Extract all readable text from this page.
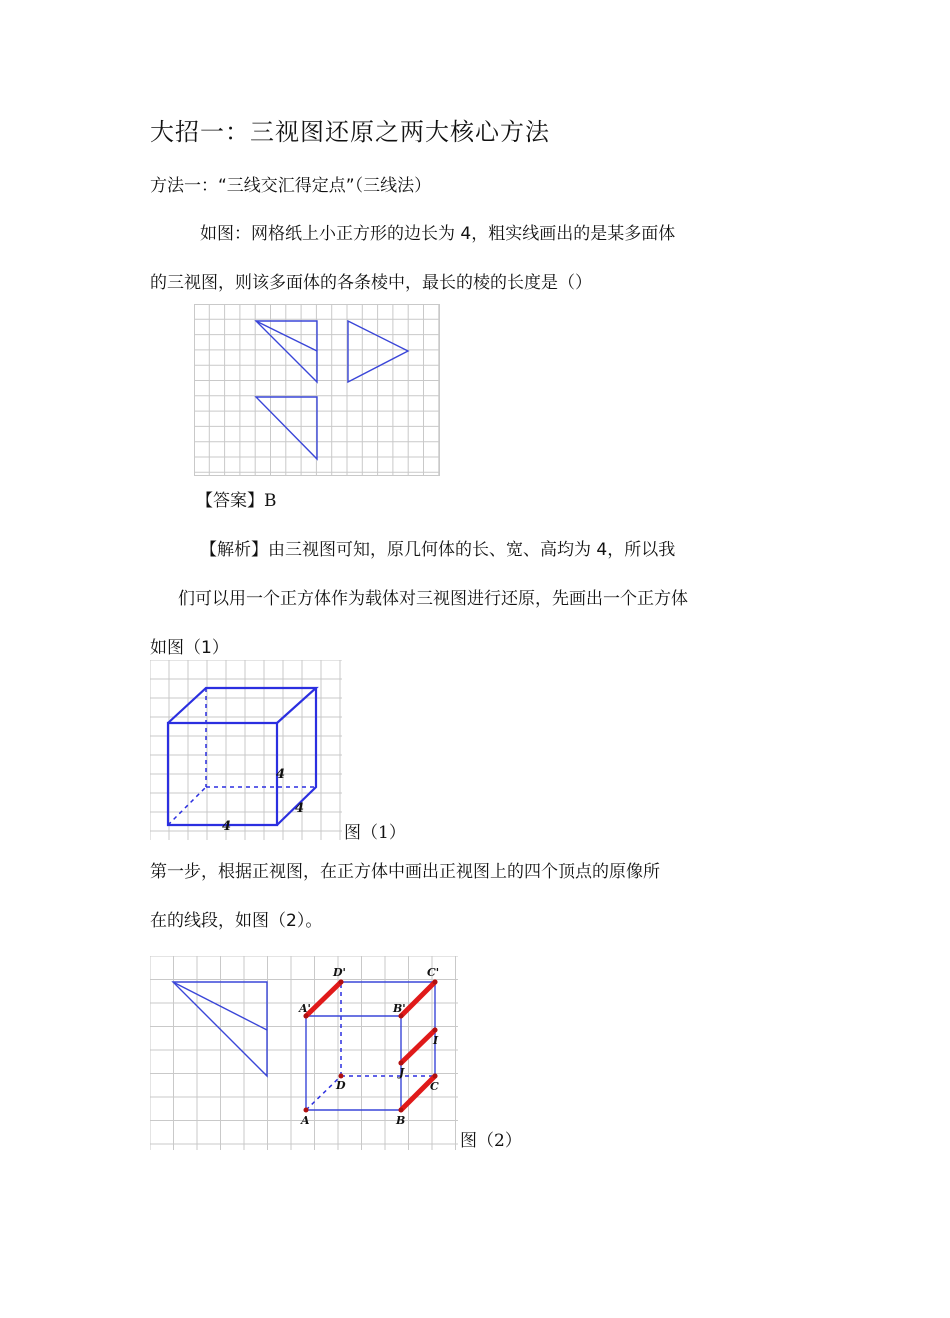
大招一：三视图还原之两大核心方法
方法一：“三线交汇得定点”（三线法）
如图：网格纸上小正方形的边长为 4，粗实线画出的是某多面体
的三视图，则该多面体的各条棱中，最长的棱的长度是（）
【答案】B
【解析】由三视图可知，原几何体的长、宽、高均为 4，所以我
们可以用一个正方体作为载体对三视图进行还原，先画出一个正方体
如图（1）
4
4
4	图（1）
第一步，根据正视图，在正方体中画出正视图上的四个顶点的原像所
在的线段，如图（2）。
D'	C'
A'	B'
I
J
D	C
A	B
图（2）
